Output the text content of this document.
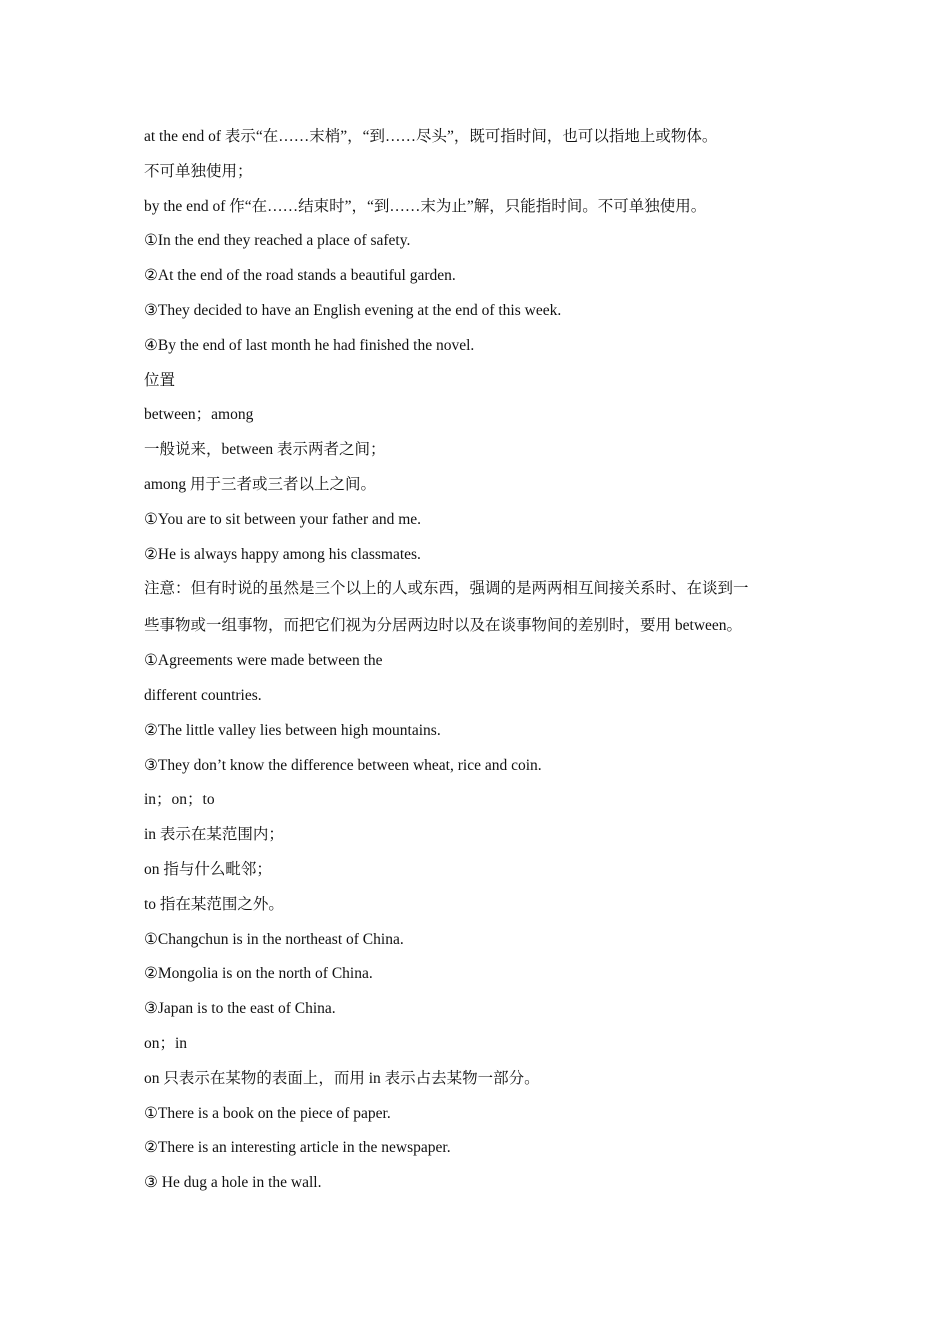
at the end of 表示“在……末梢”，“到……尽头”，既可指时间，也可以指地上或物体。

不可单独使用；

by the end of 作“在……结束时”，“到……末为止”解，只能指时间。不可单独使用。

①In the end they reached a place of safety.

②At the end of the road stands a beautiful garden.

③They decided to have an English evening at the end of this week.

④By the end of last month he had finished the novel.

位置

between；among

一般说来，between 表示两者之间；

among 用于三者或三者以上之间。

①You are to sit between your father and me.

②He is always happy among his classmates.

注意：但有时说的虽然是三个以上的人或东西，强调的是两两相互间接关系时、在谈到一

些事物或一组事物，而把它们视为分居两边时以及在谈事物间的差别时，要用 between。

①Agreements were made between the

different countries.

②The little valley lies between high mountains.

③They don’t know the difference between wheat, rice and coin.

in；on；to

in 表示在某范围内；

on 指与什么毗邻；

to 指在某范围之外。

①Changchun is in the northeast of China.

②Mongolia is on the north of China.

③Japan is to the east of China.

on；in

on 只表示在某物的表面上，而用 in 表示占去某物一部分。

①There is a book on the piece of paper.

②There is an interesting article in the newspaper.

③ He dug a hole in the wall.
